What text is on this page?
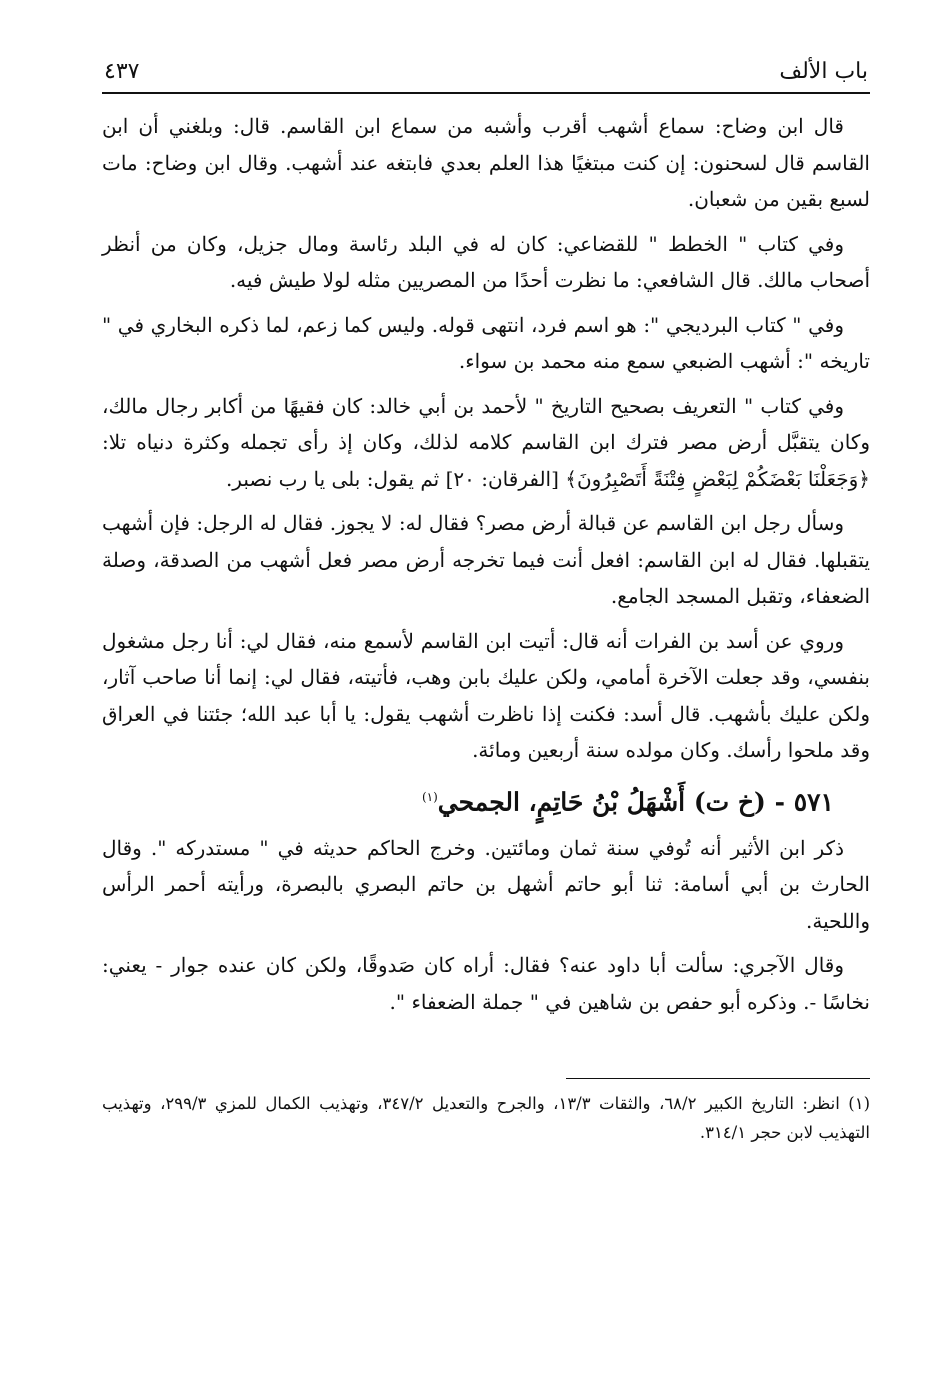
باب الألف
٤٣٧

قال ابن وضاح: سماع أشهب أقرب وأشبه من سماع ابن القاسم. قال: وبلغني أن ابن القاسم قال لسحنون: إن كنت مبتغيًا هذا العلم بعدي فابتغه عند أشهب. وقال ابن وضاح: مات لسبع بقين من شعبان.

وفي كتاب " الخطط " للقضاعي: كان له في البلد رئاسة ومال جزيل، وكان من أنظر أصحاب مالك. قال الشافعي: ما نظرت أحدًا من المصريين مثله لولا طيش فيه.

وفي " كتاب البرديجي ": هو اسم فرد، انتهى قوله. وليس كما زعم، لما ذكره البخاري في " تاريخه ": أشهب الضبعي سمع منه محمد بن سواء.

وفي كتاب " التعريف بصحيح التاريخ " لأحمد بن أبي خالد: كان فقيهًا من أكابر رجال مالك، وكان يتقبَّل أرض مصر فترك ابن القاسم كلامه لذلك، وكان إذ رأى تجمله وكثرة دنياه تلا: ﴿وَجَعَلْنَا بَعْضَكُمْ لِبَعْضٍ فِتْنَةً أَتَصْبِرُونَ﴾ [الفرقان: ٢٠] ثم يقول: بلى يا رب نصبر.

وسأل رجل ابن القاسم عن قبالة أرض مصر؟ فقال له: لا يجوز. فقال له الرجل: فإن أشهب يتقبلها. فقال له ابن القاسم: افعل أنت فيما تخرجه أرض مصر فعل أشهب من الصدقة، وصلة الضعفاء، وتقبل المسجد الجامع.

وروي عن أسد بن الفرات أنه قال: أتيت ابن القاسم لأسمع منه، فقال لي: أنا رجل مشغول بنفسي، وقد جعلت الآخرة أمامي، ولكن عليك بابن وهب، فأتيته، فقال لي: إنما أنا صاحب آثار، ولكن عليك بأشهب. قال أسد: فكنت إذا ناظرت أشهب يقول: يا أبا عبد الله؛ جئتنا في العراق وقد ملحوا رأسك. وكان مولده سنة أربعين ومائة.

٥٧١ - (خ ت) أَشْهَلُ بْنُ حَاتِمٍ، الجمحي$^{(١)}$

ذكر ابن الأثير أنه تُوفي سنة ثمان ومائتين. وخرج الحاكم حديثه في " مستدركه ". وقال الحارث بن أبي أسامة: ثنا أبو حاتم أشهل بن حاتم البصري بالبصرة، ورأيته أحمر الرأس واللحية.

وقال الآجري: سألت أبا داود عنه؟ فقال: أراه كان صَدوقًا، ولكن كان عنده جوار - يعني: نخاسًا -. وذكره أبو حفص بن شاهين في " جملة الضعفاء ".

(١) انظر: التاريخ الكبير ٦٨/٢، والثقات ١٣/٣، والجرح والتعديل ٣٤٧/٢، وتهذيب الكمال للمزي ٢٩٩/٣، وتهذيب التهذيب لابن حجر ٣١٤/١.
